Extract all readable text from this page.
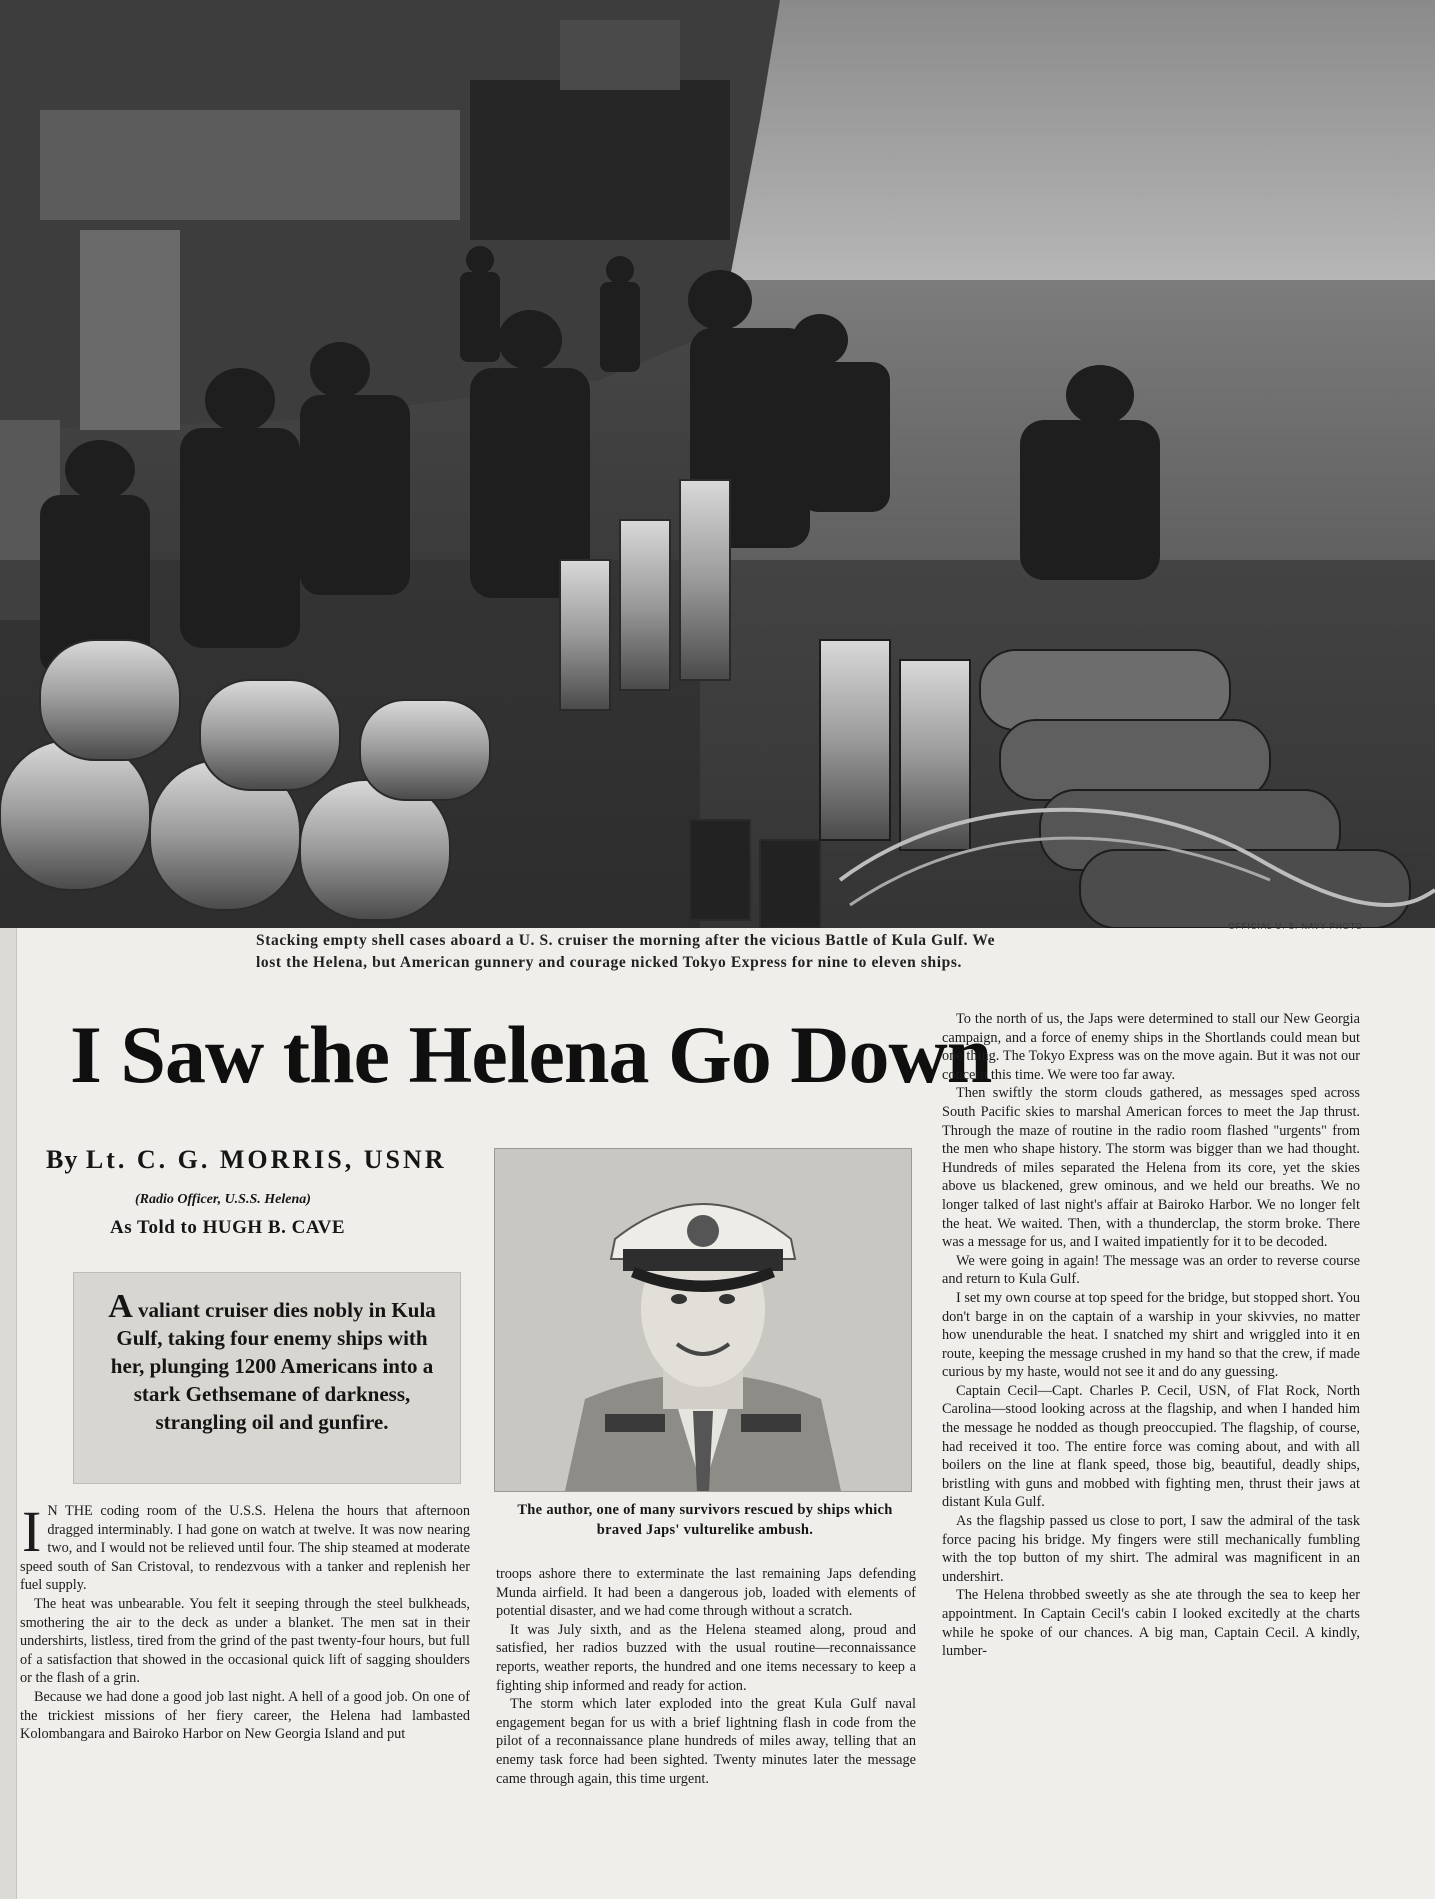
OFFICIAL U. S. NAVY PHOTO
Stacking empty shell cases aboard a U. S. cruiser the morning after the vicious Battle of Kula Gulf. We
lost the Helena, but American gunnery and courage nicked Tokyo Express for nine to eleven ships.
I Saw the Helena Go Down
By Lt. C. G. MORRIS, USNR
(Radio Officer, U.S.S. Helena)
As Told to HUGH B. CAVE

A valiant cruiser dies nobly in Kula Gulf, taking four enemy ships with her, plunging 1200 Americans into a stark Gethsemane of darkness, strangling oil and gunfire.

The author, one of many survivors rescued by ships which braved Japs' vulturelike ambush.

I N THE coding room of the U.S.S. Helena the hours that afternoon dragged interminably. I had gone on watch at twelve. It was now nearing two, and I would not be relieved until four. The ship steamed at moderate speed south of San Cristoval, to rendezvous with a tanker and replenish her fuel supply.

The heat was unbearable. You felt it seeping through the steel bulkheads, smothering the air to the deck as under a blanket. The men sat in their undershirts, listless, tired from the grind of the past twenty-four hours, but full of a satisfaction that showed in the occasional quick lift of sagging shoulders or the flash of a grin.

Because we had done a good job last night. A hell of a good job. On one of the trickiest missions of her fiery career, the Helena had lambasted Kolombangara and Bairoko Harbor on New Georgia Island and put

troops ashore there to exterminate the last remaining Japs defending Munda airfield. It had been a dangerous job, loaded with elements of potential disaster, and we had come through without a scratch.

It was July sixth, and as the Helena steamed along, proud and satisfied, her radios buzzed with the usual routine—reconnaissance reports, weather reports, the hundred and one items necessary to keep a fighting ship informed and ready for action.

The storm which later exploded into the great Kula Gulf naval engagement began for us with a brief lightning flash in code from the pilot of a reconnaissance plane hundreds of miles away, telling that an enemy task force had been sighted. Twenty minutes later the message came through again, this time urgent.

To the north of us, the Japs were determined to stall our New Georgia campaign, and a force of enemy ships in the Shortlands could mean but one thing. The Tokyo Express was on the move again. But it was not our concern this time. We were too far away.

Then swiftly the storm clouds gathered, as messages sped across South Pacific skies to marshal American forces to meet the Jap thrust. Through the maze of routine in the radio room flashed "urgents" from the men who shape history. The storm was bigger than we had thought. Hundreds of miles separated the Helena from its core, yet the skies above us blackened, grew ominous, and we held our breaths. We no longer talked of last night's affair at Bairoko Harbor. We no longer felt the heat. We waited. Then, with a thunderclap, the storm broke. There was a message for us, and I waited impatiently for it to be decoded.

We were going in again! The message was an order to reverse course and return to Kula Gulf.

I set my own course at top speed for the bridge, but stopped short. You don't barge in on the captain of a warship in your skivvies, no matter how unendurable the heat. I snatched my shirt and wriggled into it en route, keeping the message crushed in my hand so that the crew, if made curious by my haste, would not see it and do any guessing.

Captain Cecil—Capt. Charles P. Cecil, USN, of Flat Rock, North Carolina—stood looking across at the flagship, and when I handed him the message he nodded as though preoccupied. The flagship, of course, had received it too. The entire force was coming about, and with all boilers on the line at flank speed, those big, beautiful, deadly ships, bristling with guns and mobbed with fighting men, thrust their jaws at distant Kula Gulf.

As the flagship passed us close to port, I saw the admiral of the task force pacing his bridge. My fingers were still mechanically fumbling with the top button of my shirt. The admiral was magnificent in an undershirt.

The Helena throbbed sweetly as she ate through the sea to keep her appointment. In Captain Cecil's cabin I looked excitedly at the charts while he spoke of our chances. A big man, Captain Cecil. A kindly, lumber-
